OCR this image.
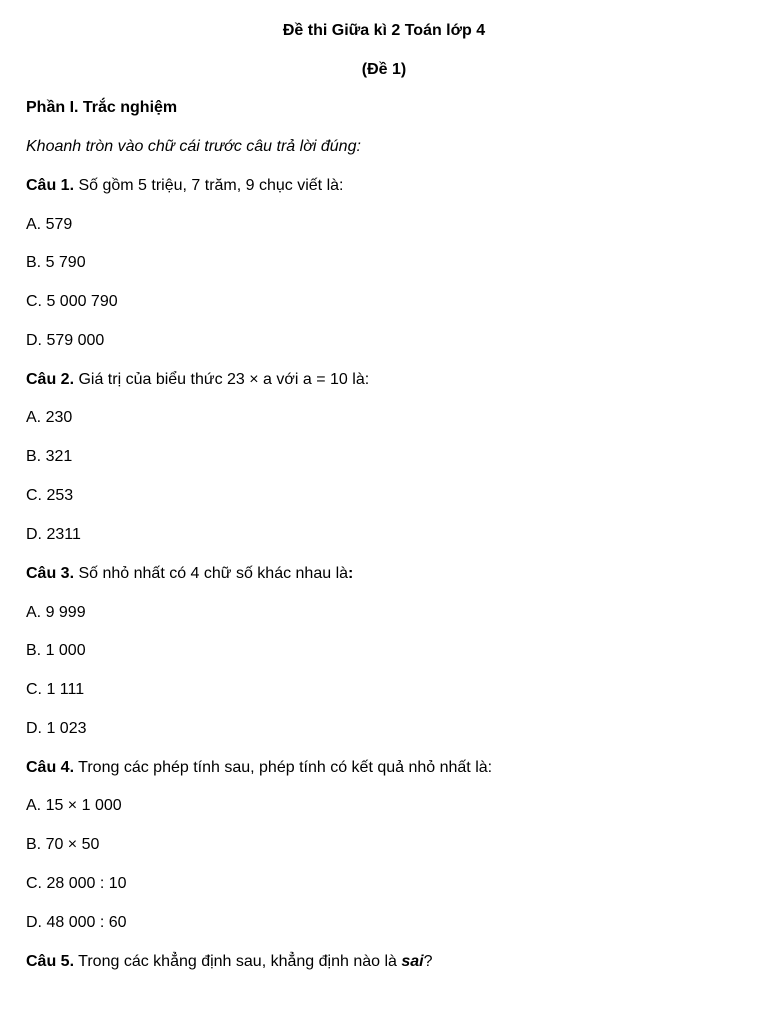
Đề thi Giữa kì 2 Toán lớp 4
(Đề 1)
Phần I. Trắc nghiệm
Khoanh tròn vào chữ cái trước câu trả lời đúng:
Câu 1. Số gồm 5 triệu, 7 trăm, 9 chục viết là:
A. 579
B. 5 790
C. 5 000 790
D. 579 000
Câu 2. Giá trị của biểu thức 23 × a với a = 10 là:
A. 230
B. 321
C. 253
D. 2311
Câu 3. Số nhỏ nhất có 4 chữ số khác nhau là:
A. 9 999
B. 1 000
C. 1 111
D. 1 023
Câu 4. Trong các phép tính sau, phép tính có kết quả nhỏ nhất là:
A. 15 × 1 000
B. 70 × 50
C. 28 000 : 10
D. 48 000 : 60
Câu 5. Trong các khẳng định sau, khẳng định nào là sai?
